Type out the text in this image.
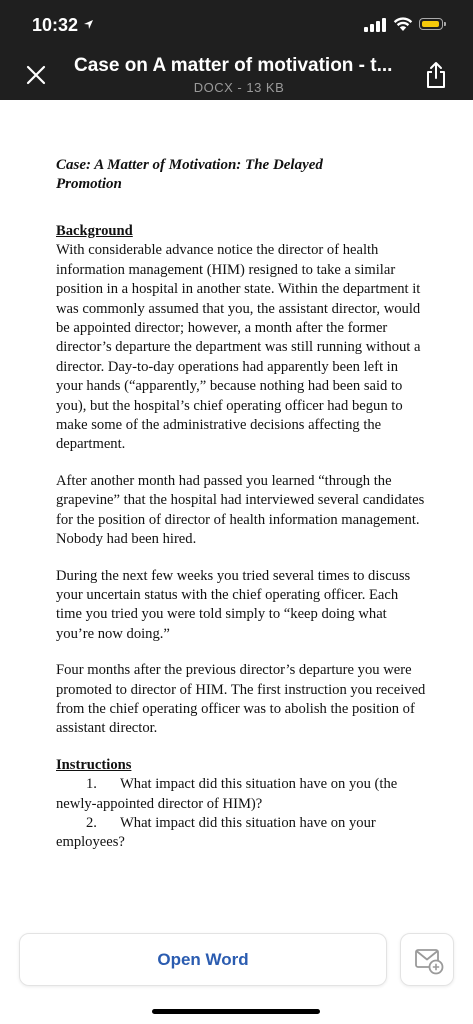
10:32
Case on A matter of motivation - t...
DOCX - 13 KB
Case: A Matter of Motivation: The Delayed
Promotion
Background
With considerable advance notice the director of health information management (HIM) resigned to take a similar position in a hospital in another state. Within the department it was commonly assumed that you, the assistant director, would be appointed director; however, a month after the former director’s departure the department was still running without a director. Day-to-day operations had apparently been left in your hands (“apparently,” because nothing had been said to you), but the hospital’s chief operating officer had begun to make some of the administrative decisions affecting the department.
After another month had passed you learned “through the grapevine” that the hospital had interviewed several candidates for the position of director of health information management. Nobody had been hired.
During the next few weeks you tried several times to discuss your uncertain status with the chief operating officer. Each time you tried you were told simply to “keep doing what you’re now doing.”
Four months after the previous director’s departure you were promoted to director of HIM. The first instruction you received from the chief operating officer was to abolish the position of assistant director.
Instructions
1. What impact did this situation have on you (the newly-appointed director of HIM)?
2. What impact did this situation have on your employees?
Open Word
